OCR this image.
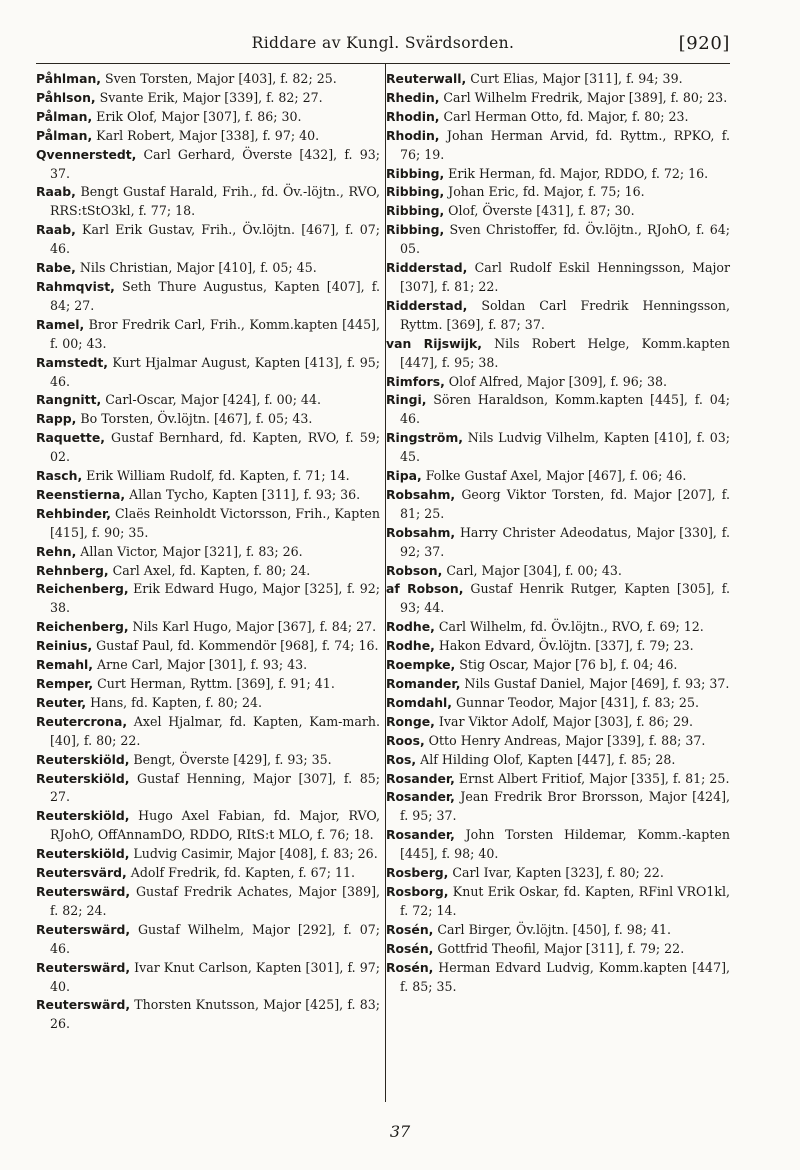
Riddare av Kungl. Svärdsorden.	[920]
Påhlman, Sven Torsten, Major [403], f. 82; 25.
Påhlson, Svante Erik, Major [339], f. 82; 27.
Pålman, Erik Olof, Major [307], f. 86; 30.
Pålman, Karl Robert, Major [338], f. 97; 40.
Qvennerstedt, Carl Gerhard, Överste [432], f. 93; 37.
Raab, Bengt Gustaf Harald, Frih., fd. Öv.-löjtn., RVO, RRS:tStO3kl, f. 77; 18.
Raab, Karl Erik Gustav, Frih., Öv.löjtn. [467], f. 07; 46.
Rabe, Nils Christian, Major [410], f. 05; 45.
Rahmqvist, Seth Thure Augustus, Kapten [407], f. 84; 27.
Ramel, Bror Fredrik Carl, Frih., Komm.kapten [445], f. 00; 43.
Ramstedt, Kurt Hjalmar August, Kapten [413], f. 95; 46.
Rangnitt, Carl-Oscar, Major [424], f. 00; 44.
Rapp, Bo Torsten, Öv.löjtn. [467], f. 05; 43.
Raquette, Gustaf Bernhard, fd. Kapten, RVO, f. 59; 02.
Rasch, Erik William Rudolf, fd. Kapten, f. 71; 14.
Reenstierna, Allan Tycho, Kapten [311], f. 93; 36.
Rehbinder, Claës Reinholdt Victorsson, Frih., Kapten [415], f. 90; 35.
Rehn, Allan Victor, Major [321], f. 83; 26.
Rehnberg, Carl Axel, fd. Kapten, f. 80; 24.
Reichenberg, Erik Edward Hugo, Major [325], f. 92; 38.
Reichenberg, Nils Karl Hugo, Major [367], f. 84; 27.
Reinius, Gustaf Paul, fd. Kommendör [968], f. 74; 16.
Remahl, Arne Carl, Major [301], f. 93; 43.
Remper, Curt Herman, Ryttm. [369], f. 91; 41.
Reuter, Hans, fd. Kapten, f. 80; 24.
Reutercrona, Axel Hjalmar, fd. Kapten, Kam-marh. [40], f. 80; 22.
Reuterskiöld, Bengt, Överste [429], f. 93; 35.
Reuterskiöld, Gustaf Henning, Major [307], f. 85; 27.
Reuterskiöld, Hugo Axel Fabian, fd. Major, RVO, RJohO, OffAnnamDO, RDDO, RItS:t MLO, f. 76; 18.
Reuterskiöld, Ludvig Casimir, Major [408], f. 83; 26.
Reutersvärd, Adolf Fredrik, fd. Kapten, f. 67; 11.
Reuterswärd, Gustaf Fredrik Achates, Major [389], f. 82; 24.
Reuterswärd, Gustaf Wilhelm, Major [292], f. 07; 46.
Reuterswärd, Ivar Knut Carlson, Kapten [301], f. 97; 40.
Reuterswärd, Thorsten Knutsson, Major [425], f. 83; 26.
Reuterwall, Curt Elias, Major [311], f. 94; 39.
Rhedin, Carl Wilhelm Fredrik, Major [389], f. 80; 23.
Rhodin, Carl Herman Otto, fd. Major, f. 80; 23.
Rhodin, Johan Herman Arvid, fd. Ryttm., RPKO, f. 76; 19.
Ribbing, Erik Herman, fd. Major, RDDO, f. 72; 16.
Ribbing, Johan Eric, fd. Major, f. 75; 16.
Ribbing, Olof, Överste [431], f. 87; 30.
Ribbing, Sven Christoffer, fd. Öv.löjtn., RJohO, f. 64; 05.
Ridderstad, Carl Rudolf Eskil Henningsson, Major [307], f. 81; 22.
Ridderstad, Soldan Carl Fredrik Henningsson, Ryttm. [369], f. 87; 37.
van Rijswijk, Nils Robert Helge, Komm.kapten [447], f. 95; 38.
Rimfors, Olof Alfred, Major [309], f. 96; 38.
Ringi, Sören Haraldson, Komm.kapten [445], f. 04; 46.
Ringström, Nils Ludvig Vilhelm, Kapten [410], f. 03; 45.
Ripa, Folke Gustaf Axel, Major [467], f. 06; 46.
Robsahm, Georg Viktor Torsten, fd. Major [207], f. 81; 25.
Robsahm, Harry Christer Adeodatus, Major [330], f. 92; 37.
Robson, Carl, Major [304], f. 00; 43.
af Robson, Gustaf Henrik Rutger, Kapten [305], f. 93; 44.
Rodhe, Carl Wilhelm, fd. Öv.löjtn., RVO, f. 69; 12.
Rodhe, Hakon Edvard, Öv.löjtn. [337], f. 79; 23.
Roempke, Stig Oscar, Major [76 b], f. 04; 46.
Romander, Nils Gustaf Daniel, Major [469], f. 93; 37.
Romdahl, Gunnar Teodor, Major [431], f. 83; 25.
Ronge, Ivar Viktor Adolf, Major [303], f. 86; 29.
Roos, Otto Henry Andreas, Major [339], f. 88; 37.
Ros, Alf Hilding Olof, Kapten [447], f. 85; 28.
Rosander, Ernst Albert Fritiof, Major [335], f. 81; 25.
Rosander, Jean Fredrik Bror Brorsson, Major [424], f. 95; 37.
Rosander, John Torsten Hildemar, Komm.-kapten [445], f. 98; 40.
Rosberg, Carl Ivar, Kapten [323], f. 80; 22.
Rosborg, Knut Erik Oskar, fd. Kapten, RFinl VRO1kl, f. 72; 14.
Rosén, Carl Birger, Öv.löjtn. [450], f. 98; 41.
Rosén, Gottfrid Theofil, Major [311], f. 79; 22.
Rosén, Herman Edvard Ludvig, Komm.kapten [447], f. 85; 35.
37
